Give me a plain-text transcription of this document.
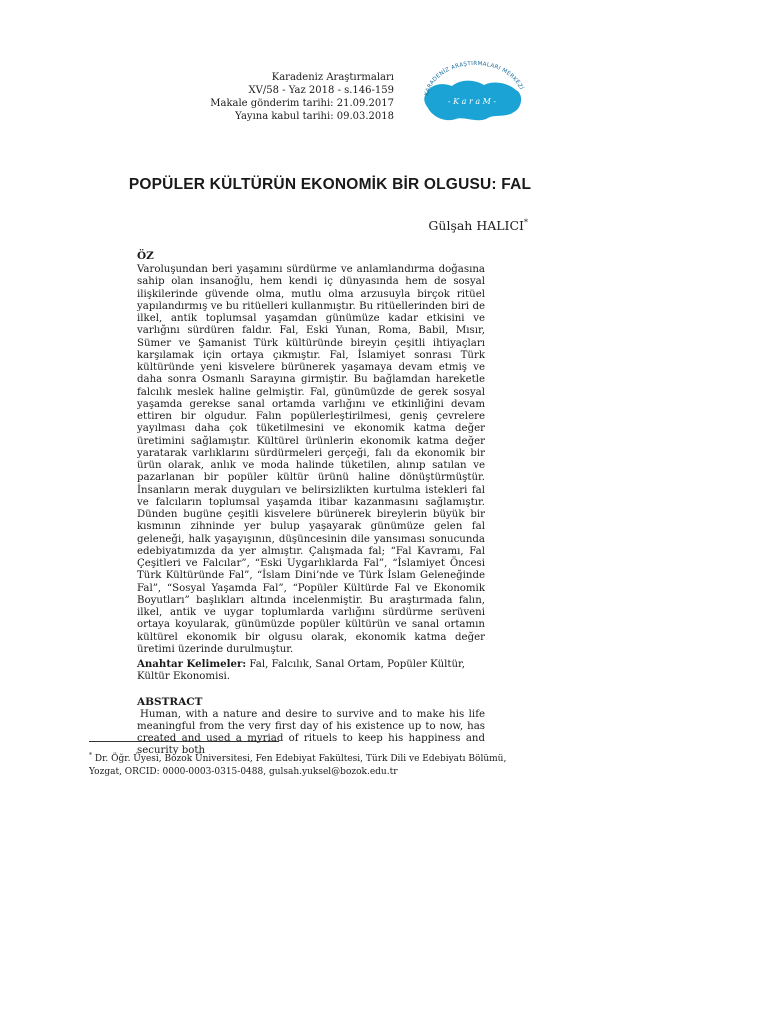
Karadeniz Araştırmaları
XV/58 - Yaz 2018 - s.146-159
Makale gönderim tarihi: 21.09.2017
Yayına kabul tarihi: 09.03.2018
KARADENİZ ARAŞTIRMALARI MERKEZİ
- K a r a M -
POPÜLER KÜLTÜRÜN EKONOMİK BİR OLGUSU: FAL
Gülşah HALICI*
ÖZ

Varoluşundan beri yaşamını sürdürme ve anlamlandırma doğasına sahip olan insanoğlu, hem kendi iç dünyasında hem de sosyal ilişkilerinde güvende olma, mutlu olma arzusuyla birçok ritüel yapılandırmış ve bu ritüelleri kullanmıştır. Bu ritüellerinden biri de ilkel, antik toplumsal yaşamdan günümüze kadar etkisini ve varlığını sürdüren faldır. Fal, Eski Yunan, Roma, Babil, Mısır, Sümer ve Şamanist Türk kültüründe bireyin çeşitli ihtiyaçları karşılamak için ortaya çıkmıştır. Fal, İslamiyet sonrası Türk kültüründe yeni kisvelere bürünerek yaşamaya devam etmiş ve daha sonra Osmanlı Sarayına girmiştir. Bu bağlamdan hareketle falcılık meslek haline gelmiştir. Fal, günümüzde de gerek sosyal yaşamda gerekse sanal ortamda varlığını ve etkinliğini devam ettiren bir olgudur. Falın popülerleştirilmesi, geniş çevrelere yayılması daha çok tüketilmesini ve ekonomik katma değer üretimini sağlamıştır. Kültürel ürünlerin ekonomik katma değer yaratarak varlıklarını sürdürmeleri gerçeği, falı da ekonomik bir ürün olarak, anlık ve moda halinde tüketilen, alınıp satılan ve pazarlanan bir popüler kültür ürünü haline dönüştürmüştür. İnsanların merak duyguları ve belirsizlikten kurtulma istekleri fal ve falcıların toplumsal yaşamda itibar kazanmasını sağlamıştır. Dünden bugüne çeşitli kisvelere bürünerek bireylerin büyük bir kısmının zihninde yer bulup yaşayarak günümüze gelen fal geleneği, halk yaşayışının, düşüncesinin dile yansıması sonucunda edebiyatımızda da yer almıştır. Çalışmada fal; “Fal Kavramı, Fal Çeşitleri ve Falcılar”, “Eski Uygarlıklarda Fal”, “İslamiyet Öncesi Türk Kültüründe Fal”, “İslam Dini’nde ve Türk İslam Geleneğinde Fal”, “Sosyal Yaşamda Fal”, “Popüler Kültürde Fal ve Ekonomik Boyutları” başlıkları altında incelenmiştir. Bu araştırmada falın, ilkel, antik ve uygar toplumlarda varlığını sürdürme serüveni ortaya koyularak, günümüzde popüler kültürün ve sanal ortamın kültürel ekonomik bir olgusu olarak, ekonomik katma değer üretimi üzerinde durulmuştur.

Anahtar Kelimeler: Fal, Falcılık, Sanal Ortam, Popüler Kültür, Kültür Ekonomisi.

ABSTRACT

Human, with a nature and desire to survive and to make his life meaningful from the very first day of his existence up to now, has created and used a myriad of rituels to keep his happiness and security both

* Dr. Öğr. Üyesi, Bozok Üniversitesi, Fen Edebiyat Fakültesi, Türk Dili ve Edebiyatı Bölümü, Yozgat, ORCID: 0000-0003-0315-0488, gulsah.yuksel@bozok.edu.tr
